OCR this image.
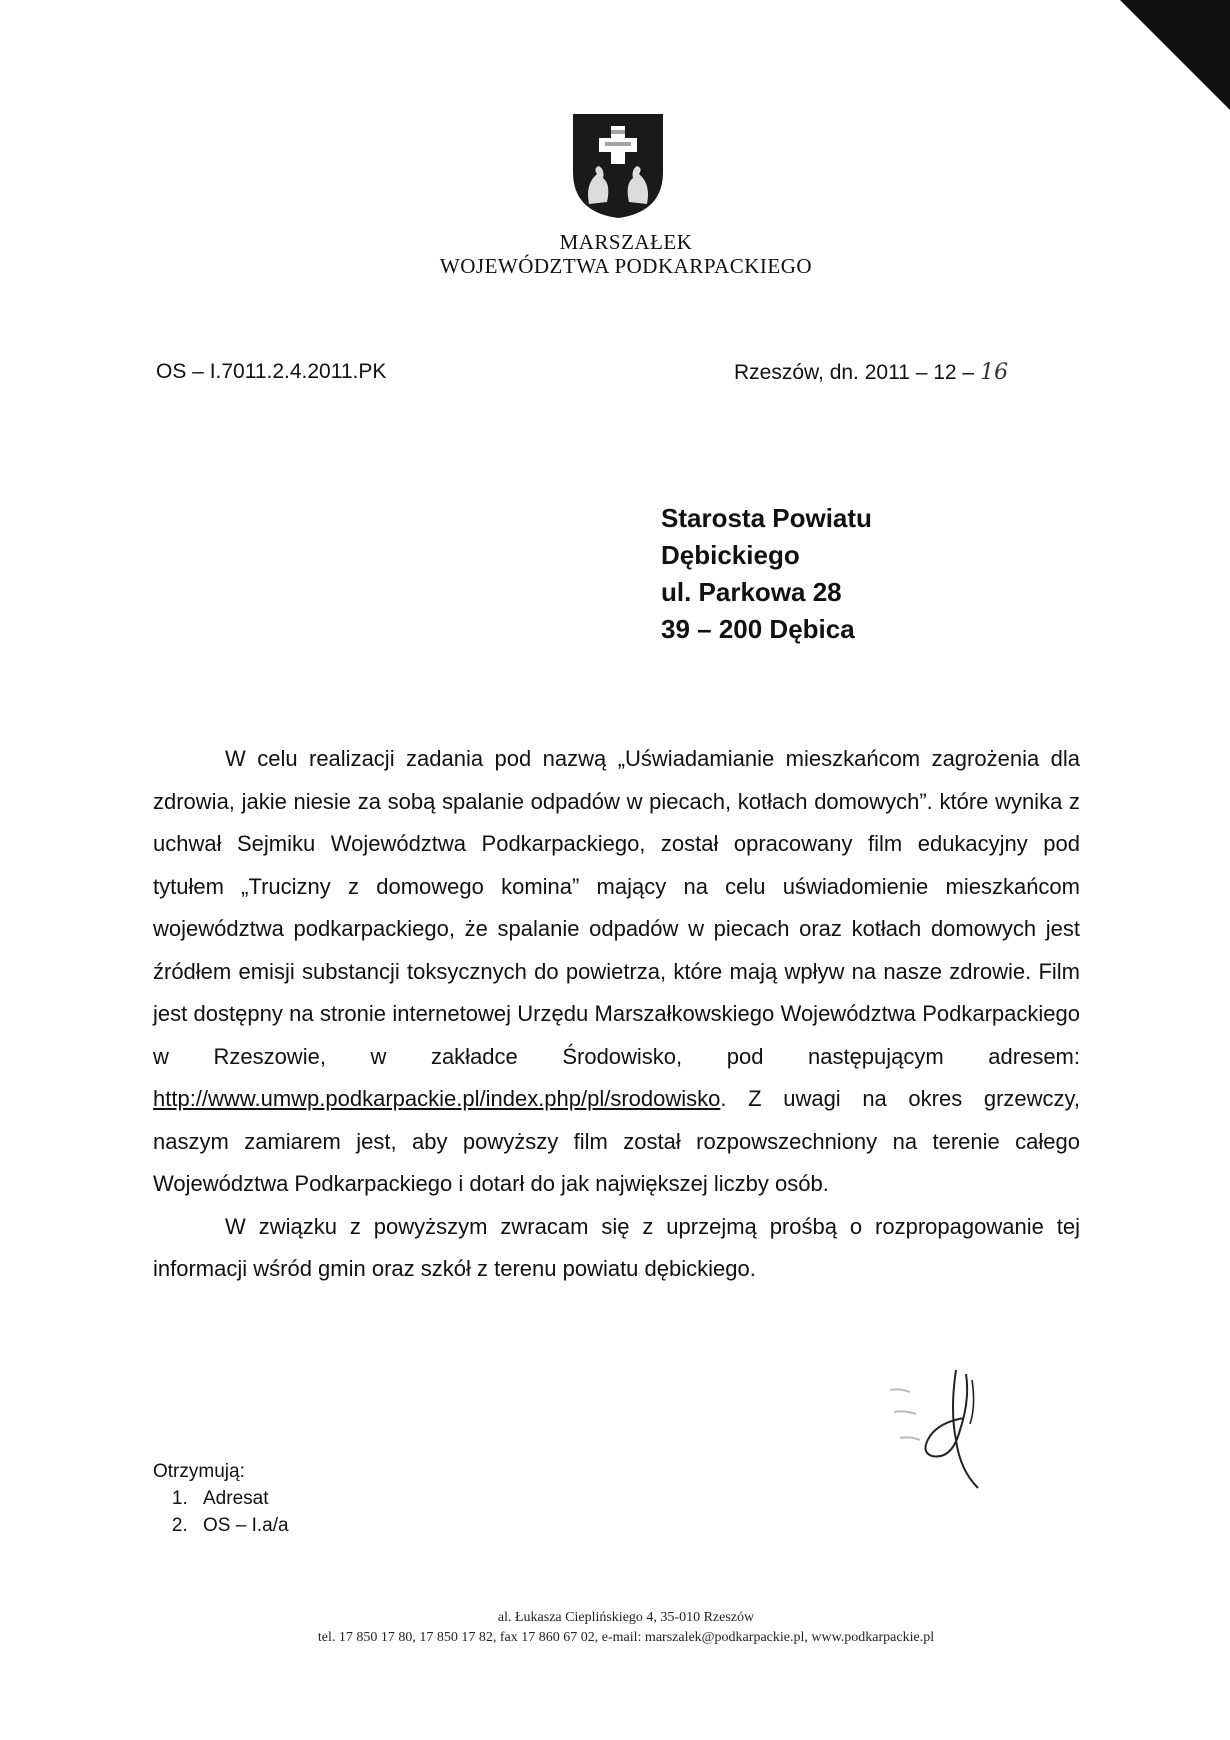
MARSZAŁEK
WOJEWÓDZTWA PODKARPACKIEGO
OS – I.7011.2.4.2011.PK	Rzeszów, dn. 2011 – 12 – 16
Starosta Powiatu
Dębickiego
ul. Parkowa 28
39 – 200 Dębica

W celu realizacji zadania pod nazwą „Uświadamianie mieszkańcom zagrożenia dla zdrowia, jakie niesie za sobą spalanie odpadów w piecach, kotłach domowych”. które wynika z uchwał Sejmiku Województwa Podkarpackiego, został opracowany film edukacyjny pod tytułem „Trucizny z domowego komina” mający na celu uświadomienie mieszkańcom województwa podkarpackiego, że spalanie odpadów w piecach oraz kotłach domowych jest źródłem emisji substancji toksycznych do powietrza, które mają wpływ na nasze zdrowie. Film jest dostępny na stronie internetowej Urzędu Marszałkowskiego Województwa Podkarpackiego w Rzeszowie, w zakładce Środowisko, pod następującym adresem: http://www.umwp.podkarpackie.pl/index.php/pl/srodowisko. Z uwagi na okres grzewczy, naszym zamiarem jest, aby powyższy film został rozpowszechniony na terenie całego Województwa Podkarpackiego i dotarł do jak największej liczby osób.

W związku z powyższym zwracam się z uprzejmą prośbą o rozpropagowanie tej informacji wśród gmin oraz szkół z terenu powiatu dębickiego.

Otrzymują:
1. Adresat
2. OS – I.a/a
al. Łukasza Cieplińskiego 4, 35-010 Rzeszów
tel. 17 850 17 80, 17 850 17 82, fax 17 860 67 02, e-mail: marszalek@podkarpackie.pl, www.podkarpackie.pl
